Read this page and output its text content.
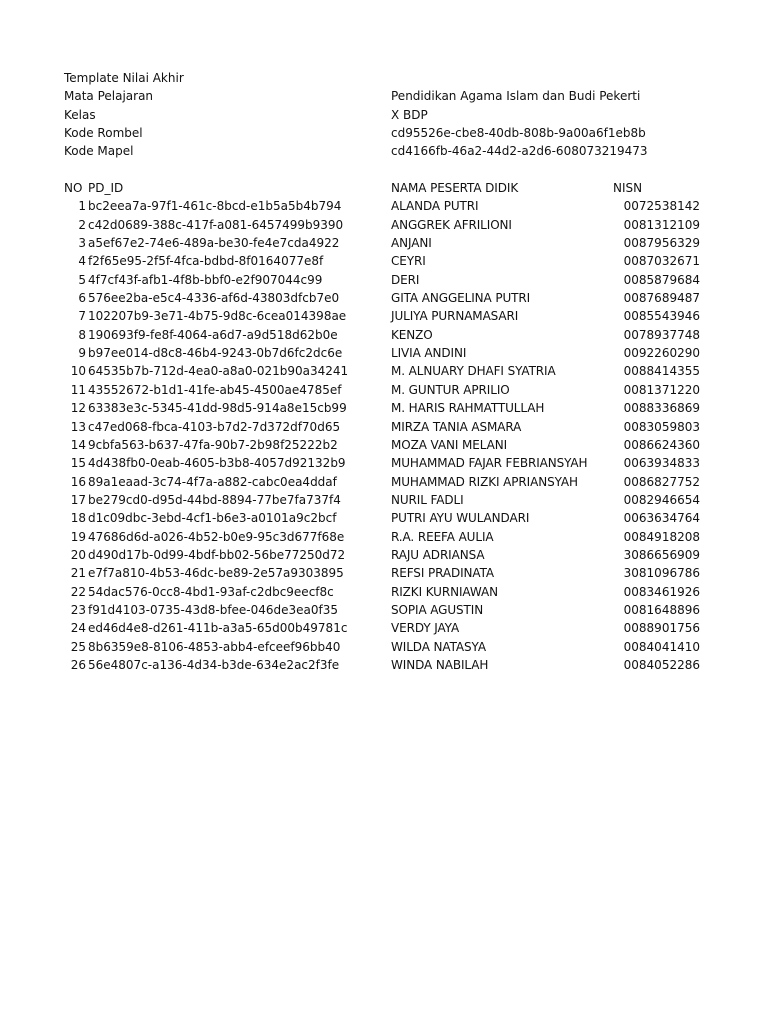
Template Nilai Akhir
Mata Pelajaran	Pendidikan Agama Islam dan Budi Pekerti
Kelas	X BDP
Kode Rombel	cd95526e-cbe8-40db-808b-9a00a6f1eb8b
Kode Mapel	cd4166fb-46a2-44d2-a2d6-608073219473
NO PD_ID	NAMA PESERTA DIDIK	NISN
1 bc2eea7a-97f1-461c-8bcd-e1b5a5b4b794	ALANDA PUTRI	0072538142
2 c42d0689-388c-417f-a081-6457499b9390	ANGGREK AFRILIONI	0081312109
3 a5ef67e2-74e6-489a-be30-fe4e7cda4922	ANJANI	0087956329
4 f2f65e95-2f5f-4fca-bdbd-8f0164077e8f	CEYRI	0087032671
5 4f7cf43f-afb1-4f8b-bbf0-e2f907044c99	DERI	0085879684
6 576ee2ba-e5c4-4336-af6d-43803dfcb7e0	GITA ANGGELINA PUTRI	0087689487
7 102207b9-3e71-4b75-9d8c-6cea014398ae	JULIYA PURNAMASARI	0085543946
8 190693f9-fe8f-4064-a6d7-a9d518d62b0e	KENZO	0078937748
9 b97ee014-d8c8-46b4-9243-0b7d6fc2dc6e	LIVIA ANDINI	0092260290
10 64535b7b-712d-4ea0-a8a0-021b90a34241	M. ALNUARY DHAFI SYATRIA	0088414355
11 43552672-b1d1-41fe-ab45-4500ae4785ef	M. GUNTUR APRILIO	0081371220
12 63383e3c-5345-41dd-98d5-914a8e15cb99	M. HARIS RAHMATTULLAH	0088336869
13 c47ed068-fbca-4103-b7d2-7d372df70d65	MIRZA TANIA ASMARA	0083059803
14 9cbfa563-b637-47fa-90b7-2b98f25222b2	MOZA VANI MELANI	0086624360
15 4d438fb0-0eab-4605-b3b8-4057d92132b9	MUHAMMAD FAJAR FEBRIANSYAH	0063934833
16 89a1eaad-3c74-4f7a-a882-cabc0ea4ddaf	MUHAMMAD RIZKI APRIANSYAH	0086827752
17 be279cd0-d95d-44bd-8894-77be7fa737f4	NURIL FADLI	0082946654
18 d1c09dbc-3ebd-4cf1-b6e3-a0101a9c2bcf	PUTRI AYU WULANDARI	0063634764
19 47686d6d-a026-4b52-b0e9-95c3d677f68e	R.A. REEFA AULIA	0084918208
20 d490d17b-0d99-4bdf-bb02-56be77250d72	RAJU ADRIANSA	3086656909
21 e7f7a810-4b53-46dc-be89-2e57a9303895	REFSI PRADINATA	3081096786
22 54dac576-0cc8-4bd1-93af-c2dbc9eecf8c	RIZKI KURNIAWAN	0083461926
23 f91d4103-0735-43d8-bfee-046de3ea0f35	SOPIA AGUSTIN	0081648896
24 ed46d4e8-d261-411b-a3a5-65d00b49781c	VERDY JAYA	0088901756
25 8b6359e8-8106-4853-abb4-efceef96bb40	WILDA NATASYA	0084041410
26 56e4807c-a136-4d34-b3de-634e2ac2f3fe	WINDA NABILAH	0084052286
